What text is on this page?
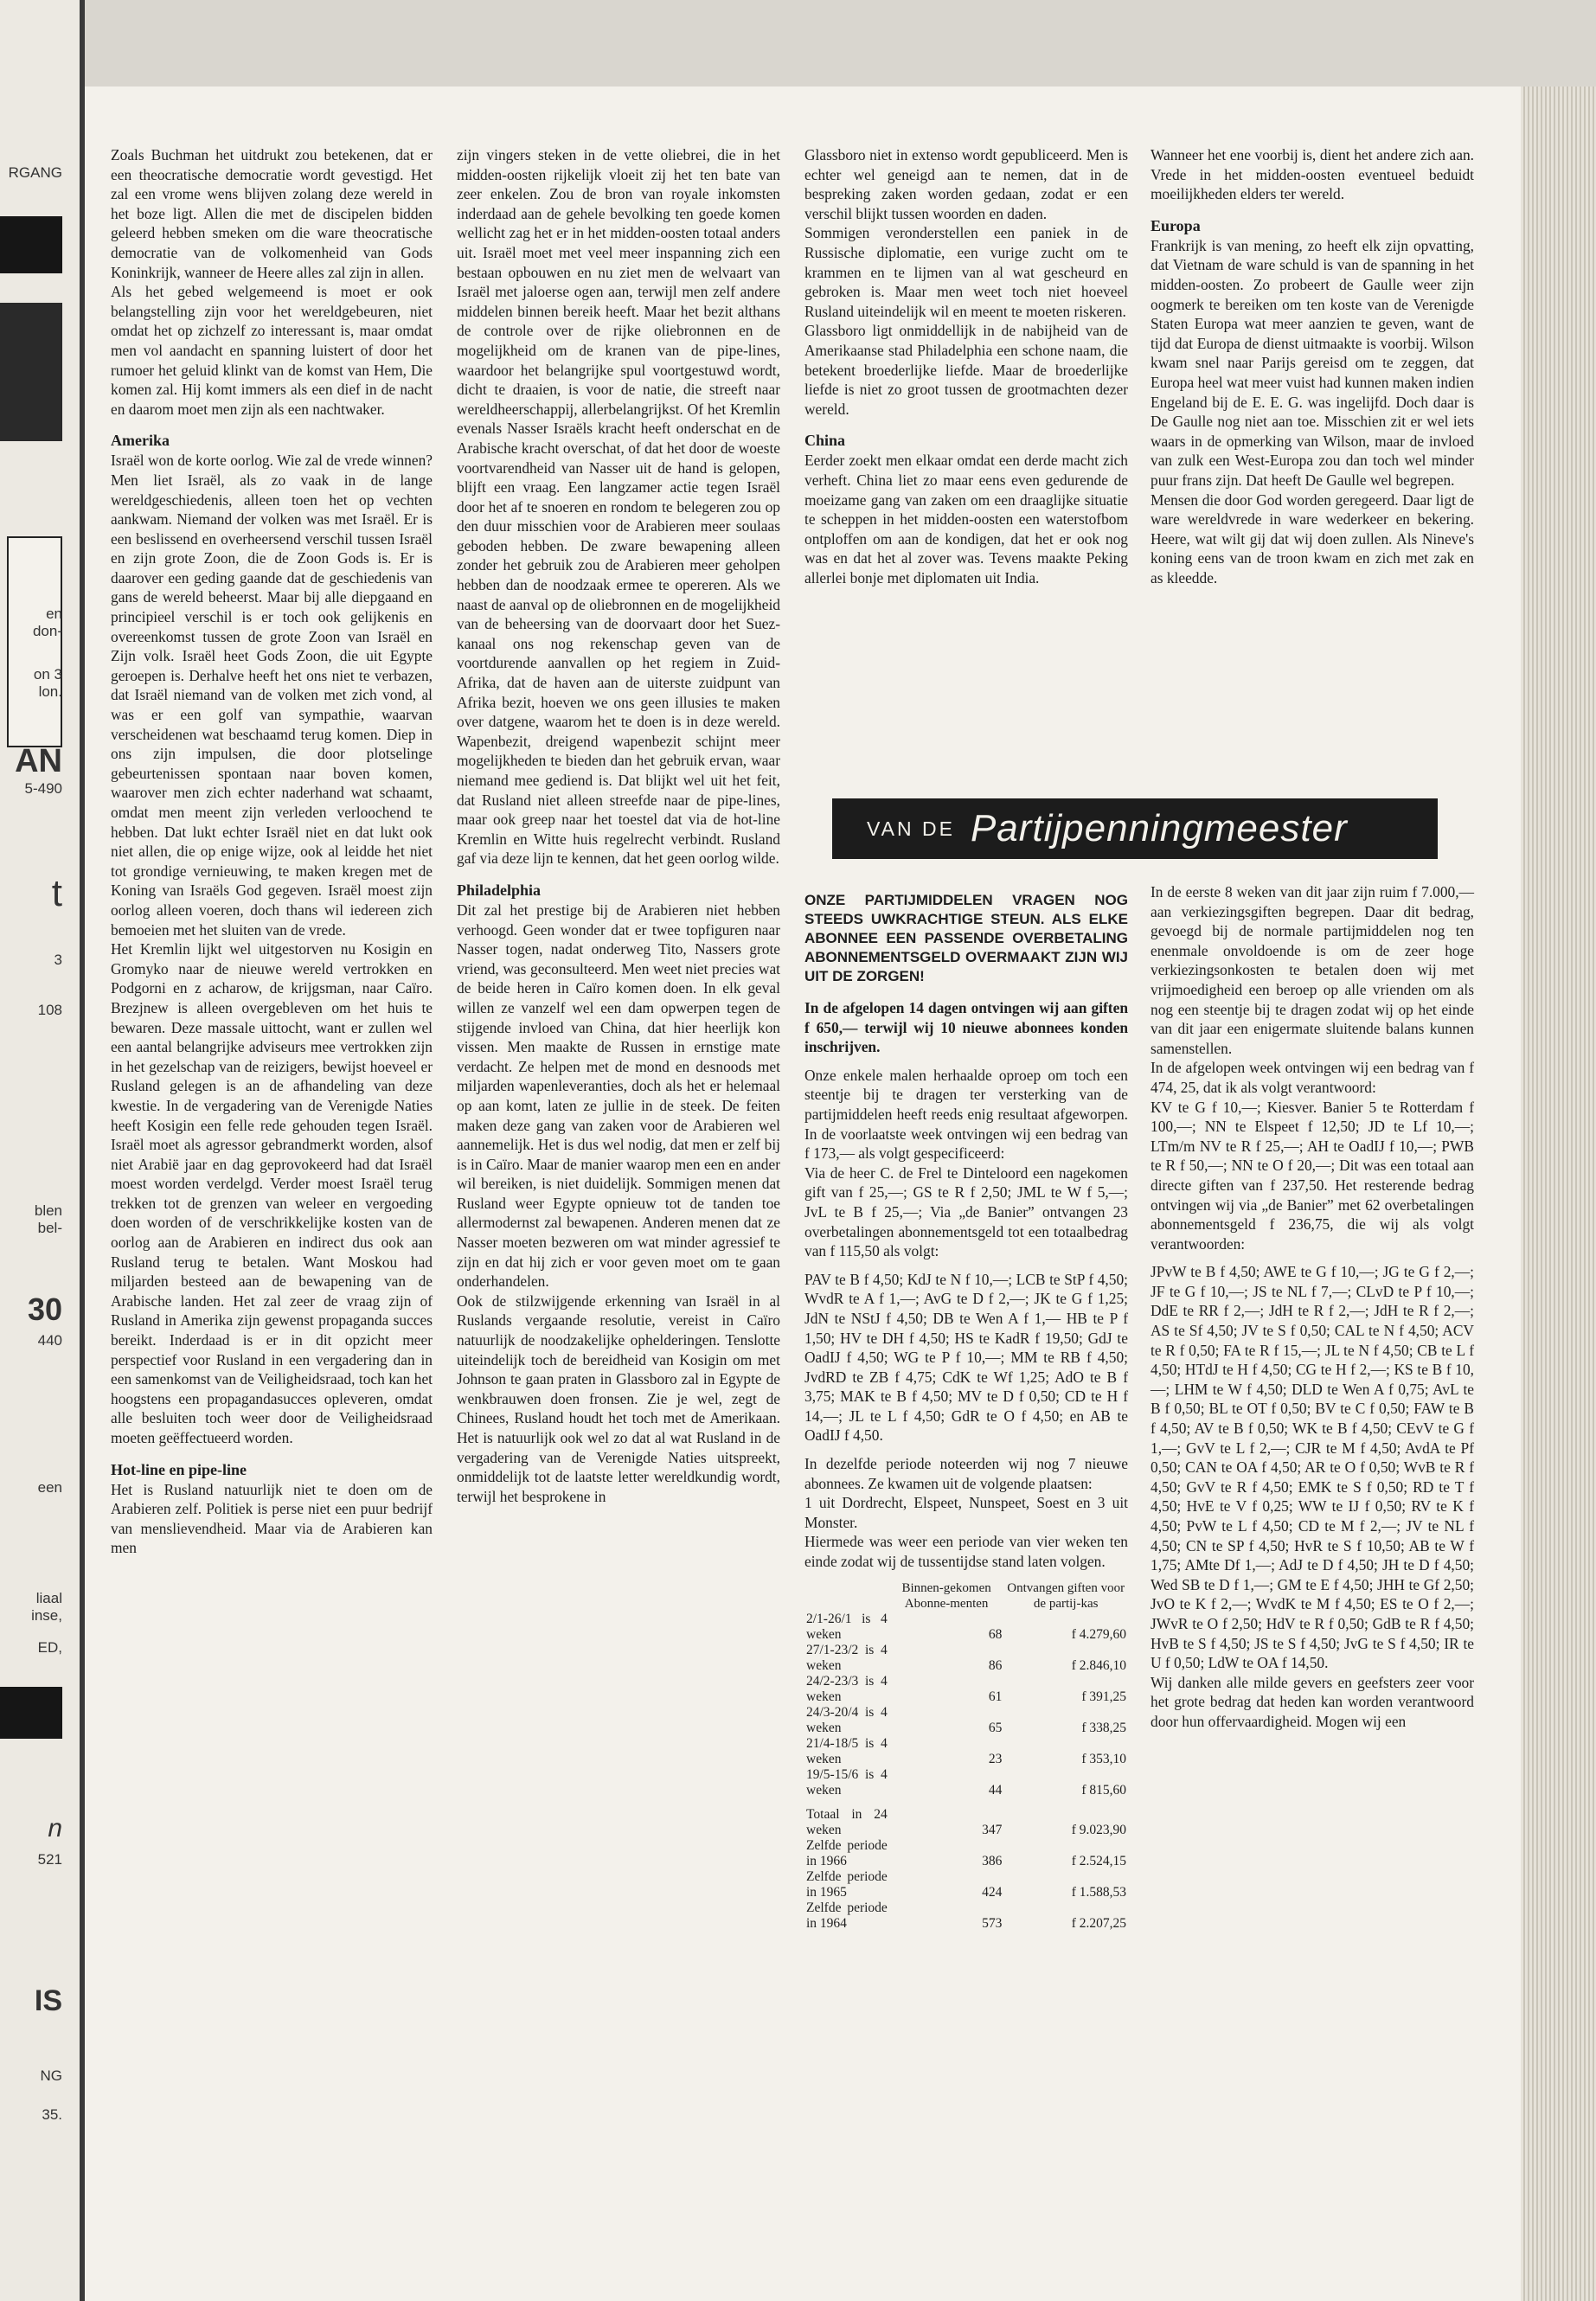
RGANG
en
don-
on 3
lon.
AN
5-490
t
3
108
blen
bel-
30
440
een
liaal
inse,
ED,
n
521
IS
NG
35.

Zoals Buchman het uitdrukt zou betekenen, dat er een theocratische democratie wordt gevestigd. Het zal een vrome wens blijven zolang deze wereld in het boze ligt. Allen die met de discipelen bidden geleerd hebben smeken om die ware theocratische democratie van de volkomenheid van Gods Koninkrijk, wanneer de Heere alles zal zijn in allen.

Als het gebed welgemeend is moet er ook belangstelling zijn voor het wereldgebeuren, niet omdat het op zichzelf zo interessant is, maar omdat men vol aandacht en spanning luistert of door het rumoer het geluid klinkt van de komst van Hem, Die komen zal. Hij komt immers als een dief in de nacht en daarom moet men zijn als een nachtwaker.

Amerika

Israël won de korte oorlog. Wie zal de vrede winnen? Men liet Israël, als zo vaak in de lange wereldgeschiedenis, alleen toen het op vechten aankwam. Niemand der volken was met Israël. Er is een beslissend en overheersend verschil tussen Israël en zijn grote Zoon, die de Zoon Gods is. Er is daarover een geding gaande dat de geschiedenis van gans de wereld beheerst. Maar bij alle diepgaand en principieel verschil is er toch ook gelijkenis en overeenkomst tussen de grote Zoon van Israël en Zijn volk. Israël heet Gods Zoon, die uit Egypte geroepen is. Derhalve heeft het ons niet te verbazen, dat Israël niemand van de volken met zich vond, al was er een golf van sympathie, waarvan verscheidenen wat beschaamd terug komen. Diep in ons zijn impulsen, die door plotselinge gebeurtenissen spontaan naar boven komen, waarover men zich echter naderhand wat schaamt, omdat men meent zijn verleden verloochend te hebben. Dat lukt echter Israël niet en dat lukt ook niet allen, die op enige wijze, ook al leidde het niet tot grondige vernieuwing, te maken kregen met de Koning van Israëls God gegeven. Israël moest zijn oorlog alleen voeren, doch thans wil iedereen zich bemoeien met het sluiten van de vrede.

Het Kremlin lijkt wel uitgestorven nu Kosigin en Gromyko naar de nieuwe wereld vertrokken en Podgorni en z acharow, de krijgsman, naar Caïro. Brezjnew is alleen overgebleven om het huis te bewaren. Deze massale uittocht, want er zullen wel een aantal belangrijke adviseurs mee vertrokken zijn in het gezelschap van de reizigers, bewijst hoeveel er Rusland gelegen is an de afhandeling van deze kwestie. In de vergadering van de Verenigde Naties heeft Kosigin een felle rede gehouden tegen Israël. Israël moet als agressor gebrandmerkt worden, alsof niet Arabië jaar en dag geprovokeerd had dat Israël moest worden verdelgd. Verder moest Israël terug trekken tot de grenzen van weleer en vergoeding doen worden of de verschrikkelijke kosten van de oorlog aan de Arabieren en indirect dus ook aan Rusland terug te betalen. Want Moskou had miljarden besteed aan de bewapening van de Arabische landen. Het zal zeer de vraag zijn of Rusland in Amerika zijn gewenst propaganda succes bereikt. Inderdaad is er in dit opzicht meer perspectief voor Rusland in een vergadering dan in een samenkomst van de Veiligheidsraad, toch kan het hoogstens een propagandasucces opleveren, omdat alle besluiten toch weer door de Veiligheidsraad moeten geëffectueerd worden.

Hot-line en pipe-line

Het is Rusland natuurlijk niet te doen om de Arabieren zelf. Politiek is perse niet een puur bedrijf van menslievendheid. Maar via de Arabieren kan men

zijn vingers steken in de vette oliebrei, die in het midden-oosten rijkelijk vloeit zij het ten bate van zeer enkelen. Zou de bron van royale inkomsten inderdaad aan de gehele bevolking ten goede komen wellicht zag het er in het midden-oosten totaal anders uit. Israël moet met veel meer inspanning zich een bestaan opbouwen en nu ziet men de welvaart van Israël met jaloerse ogen aan, terwijl men zelf andere middelen binnen bereik heeft. Maar het bezit althans de controle over de rijke oliebronnen en de mogelijkheid om de kranen van de pipe-lines, waardoor het belangrijke spul voortgestuwd wordt, dicht te draaien, is voor de natie, die streeft naar wereldheerschappij, allerbelangrijkst. Of het Kremlin evenals Nasser Israëls kracht heeft onderschat en de Arabische kracht overschat, of dat het door de woeste voortvarendheid van Nasser uit de hand is gelopen, blijft een vraag. Een langzamer actie tegen Israël door het af te snoeren en rondom te belegeren zou op den duur misschien voor de Arabieren meer soulaas geboden hebben. De zware bewapening alleen zonder het gebruik zou de Arabieren meer geholpen hebben dan de noodzaak ermee te opereren. Als we naast de aanval op de oliebronnen en de mogelijkheid van de beheersing van de doorvaart door het Suez-kanaal ons nog rekenschap geven van de voortdurende aanvallen op het regiem in Zuid-Afrika, dat de haven aan de uiterste zuidpunt van Afrika bezit, hoeven we ons geen illusies te maken over datgene, waarom het te doen is in deze wereld. Wapenbezit, dreigend wapenbezit schijnt meer mogelijkheden te bieden dan het gebruik ervan, waar niemand mee gediend is. Dat blijkt wel uit het feit, dat Rusland niet alleen streefde naar de pipe-lines, maar ook greep naar het toestel dat via de hot-line Kremlin en Witte huis regelrecht verbindt. Rusland gaf via deze lijn te kennen, dat het geen oorlog wilde.

Philadelphia

Dit zal het prestige bij de Arabieren niet hebben verhoogd. Geen wonder dat er twee topfiguren naar Nasser togen, nadat onderweg Tito, Nassers grote vriend, was geconsulteerd. Men weet niet precies wat de beide heren in Caïro komen doen. In elk geval willen ze vanzelf wel een dam opwerpen tegen de stijgende invloed van China, dat hier heerlijk kon vissen. Men maakte de Russen in ernstige mate verdacht. Ze helpen met de mond en desnoods met miljarden wapenleveranties, doch als het er helemaal op aan komt, laten ze jullie in de steek. De feiten maken deze gang van zaken voor de Arabieren wel aannemelijk. Het is dus wel nodig, dat men er zelf bij is in Caïro. Maar de manier waarop men een en ander wil bereiken, is niet duidelijk. Sommigen menen dat Rusland weer Egypte opnieuw tot de tanden toe allermodernst zal bewapenen. Anderen menen dat ze Nasser moeten bezweren om wat minder agressief te zijn en dat hij zich er voor geven moet om te gaan onderhandelen.

Ook de stilzwijgende erkenning van Israël in al Ruslands vergaande resolutie, vereist in Caïro natuurlijk de noodzakelijke ophelderingen. Tenslotte uiteindelijk toch de bereidheid van Kosigin om met Johnson te gaan praten in Glassboro zal in Egypte de wenkbrauwen doen fronsen. Zie je wel, zegt de Chinees, Rusland houdt het toch met de Amerikaan. Het is natuurlijk ook wel zo dat al wat Rusland in de vergadering van de Verenigde Naties uitspreekt, onmiddelijk tot de laatste letter wereldkundig wordt, terwijl het besprokene in

Glassboro niet in extenso wordt gepubliceerd. Men is echter wel geneigd aan te nemen, dat in de bespreking zaken worden gedaan, zodat er een verschil blijkt tussen woorden en daden.

Sommigen veronderstellen een paniek in de Russische diplomatie, een vurige zucht om te krammen en te lijmen van al wat gescheurd en gebroken is. Maar men weet toch niet hoeveel Rusland uiteindelijk wil en meent te moeten riskeren.

Glassboro ligt onmiddellijk in de nabijheid van de Amerikaanse stad Philadelphia een schone naam, die betekent broederlijke liefde. Maar de broederlijke liefde is niet zo groot tussen de grootmachten dezer wereld.

China

Eerder zoekt men elkaar omdat een derde macht zich verheft. China liet zo maar eens even gedurende de moeizame gang van zaken om een draaglijke situatie te scheppen in het midden-oosten een waterstofbom ontploffen om aan de kondigen, dat het er ook nog was en dat het al zover was. Tevens maakte Peking allerlei bonje met diplomaten uit India.

Wanneer het ene voorbij is, dient het andere zich aan. Vrede in het midden-oosten eventueel beduidt moeilijkheden elders ter wereld.

Europa

Frankrijk is van mening, zo heeft elk zijn opvatting, dat Vietnam de ware schuld is van de spanning in het midden-oosten. Zo probeert de Gaulle weer zijn oogmerk te bereiken om ten koste van de Verenigde Staten Europa wat meer aanzien te geven, want de tijd dat Europa de dienst uitmaakte is voorbij. Wilson kwam snel naar Parijs gereisd om te zeggen, dat Europa heel wat meer vuist had kunnen maken indien Engeland bij de E. E. G. was ingelijfd. Doch daar is De Gaulle nog niet aan toe. Misschien zit er wel iets waars in de opmerking van Wilson, maar de invloed van zulk een West-Europa zou dan toch wel minder puur frans zijn. Dat heeft De Gaulle wel begrepen.

Mensen die door God worden geregeerd. Daar ligt de ware wereldvrede in ware wederkeer en bekering. Heere, wat wilt gij dat wij doen zullen. Als Nineve's koning eens van de troon kwam en zich met zak en as kleedde.

VAN DE Partijpenningmeester

ONZE PARTIJMIDDELEN VRAGEN NOG STEEDS UWKRACHTIGE STEUN. ALS ELKE ABONNEE EEN PASSENDE OVERBETALING ABONNEMENTSGELD OVERMAAKT ZIJN WIJ UIT DE ZORGEN!

In de afgelopen 14 dagen ontvingen wij aan giften f 650,— terwijl wij 10 nieuwe abonnees konden inschrijven.

Onze enkele malen herhaalde oproep om toch een steentje bij te dragen ter versterking van de partijmiddelen heeft reeds enig resultaat afgeworpen. In de voorlaatste week ontvingen wij een bedrag van f 173,— als volgt gespecificeerd:

Via de heer C. de Frel te Dinteloord een nagekomen gift van f 25,—; GS te R f 2,50; JML te W f 5,—; JvL te B f 25,—; Via „de Banier” ontvangen 23 overbetalingen abonnementsgeld tot een totaalbedrag van f 115,50 als volgt:

PAV te B f 4,50; KdJ te N f 10,—; LCB te StP f 4,50; WvdR te A f 1,—; AvG te D f 2,—; JK te G f 1,25; JdN te NStJ f 4,50; DB te Wen A f 1,— HB te P f 1,50; HV te DH f 4,50; HS te KadR f 19,50; GdJ te OadIJ f 4,50; WG te P f 10,—; MM te RB f 4,50; JvdRD te ZB f 4,75; CdK te Wf 1,25; AdO te B f 3,75; MAK te B f 4,50; MV te D f 0,50; CD te H f 14,—; JL te L f 4,50; GdR te O f 4,50; en AB te OadIJ f 4,50.

In dezelfde periode noteerden wij nog 7 nieuwe abonnees. Ze kwamen uit de volgende plaatsen:

1 uit Dordrecht, Elspeet, Nunspeet, Soest en 3 uit Monster.

Hiermede was weer een periode van vier weken ten einde zodat wij de tussentijdse stand laten volgen.

	Binnen-gekomen Abonne-menten	Ontvangen giften voor de partij-kas
2/1-26/1 is 4 weken	68	f 4.279,60
27/1-23/2 is 4 weken	86	f 2.846,10
24/2-23/3 is 4 weken	61	f 391,25
24/3-20/4 is 4 weken	65	f 338,25
21/4-18/5 is 4 weken	23	f 353,10
19/5-15/6 is 4 weken	44	f 815,60
Totaal in 24 weken	347	f 9.023,90
Zelfde periode in 1966	386	f 2.524,15
Zelfde periode in 1965	424	f 1.588,53
Zelfde periode in 1964	573	f 2.207,25

In de eerste 8 weken van dit jaar zijn ruim f 7.000,— aan verkiezingsgiften begrepen. Daar dit bedrag, gevoegd bij de normale partijmiddelen nog ten enenmale onvoldoende is om de zeer hoge verkiezingsonkosten te betalen doen wij met vrijmoedigheid een beroep op alle vrienden om als nog een steentje bij te dragen zodat wij op het einde van dit jaar een enigermate sluitende balans kunnen samenstellen.

In de afgelopen week ontvingen wij een bedrag van f 474, 25, dat ik als volgt verantwoord:

KV te G f 10,—; Kiesver. Banier 5 te Rotterdam f 100,—; NN te Elspeet f 12,50; JD te Lf 10,—; LTm/m NV te R f 25,—; AH te OadIJ f 10,—; PWB te R f 50,—; NN te O f 20,—; Dit was een totaal aan directe giften van f 237,50. Het resterende bedrag ontvingen wij via „de Banier” met 62 overbetalingen abonnementsgeld f 236,75, die wij als volgt verantwoorden:

JPvW te B f 4,50; AWE te G f 10,—; JG te G f 2,—; JF te G f 10,—; JS te NL f 7,—; CLvD te P f 10,—; DdE te RR f 2,—; JdH te R f 2,—; JdH te R f 2,—; AS te Sf 4,50; JV te S f 0,50; CAL te N f 4,50; ACV te R f 0,50; FA te R f 15,—; JL te N f 4,50; CB te L f 4,50; HTdJ te H f 4,50; CG te H f 2,—; KS te B f 10,—; LHM te W f 4,50; DLD te Wen A f 0,75; AvL te B f 0,50; BL te OT f 0,50; BV te C f 0,50; FAW te B f 4,50; AV te B f 0,50; WK te B f 4,50; CEvV te G f 1,—; GvV te L f 2,—; CJR te M f 4,50; AvdA te Pf 0,50; CAN te OA f 4,50; AR te O f 0,50; WvB te R f 4,50; GvV te R f 4,50; EMK te S f 0,50; RD te T f 4,50; HvE te V f 0,25; WW te IJ f 0,50; RV te K f 4,50; PvW te L f 4,50; CD te M f 2,—; JV te NL f 4,50; CN te SP f 4,50; HvR te S f 10,50; AB te W f 1,75; AMte Df 1,—; AdJ te D f 4,50; JH te D f 4,50; Wed SB te D f 1,—; GM te E f 4,50; JHH te Gf 2,50; JvO te K f 2,—; WvdK te M f 4,50; ES te O f 2,—; JWvR te O f 2,50; HdV te R f 0,50; GdB te R f 4,50; HvB te S f 4,50; JS te S f 4,50; JvG te S f 4,50; IR te U f 0,50; LdW te OA f 14,50.

Wij danken alle milde gevers en geefsters zeer voor het grote bedrag dat heden kan worden verantwoord door hun offervaardigheid. Mogen wij een
